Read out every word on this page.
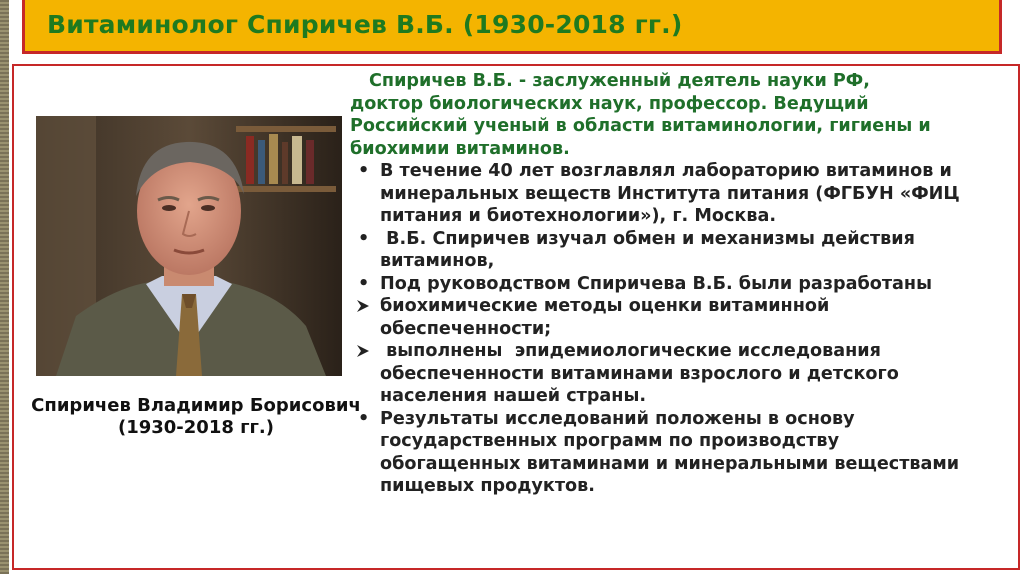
Витаминолог Спиричев В.Б. (1930-2018 гг.)
Спиричев Владимир Борисович
(1930-2018 гг.)
Спиричев В.Б. - заслуженный деятель науки РФ,
доктор биологических наук, профессор. Ведущий
Российский ученый в области витаминологии, гигиены и
биохимии витаминов.
• В течение 40 лет возглавлял лабораторию витаминов и
минеральных веществ Института питания (ФГБУН «ФИЦ
питания и биотехнологии»), г. Москва.
• В.Б. Спиричев изучал обмен и механизмы действия
витаминов,
• Под руководством Спиричева В.Б. были разработаны
биохимические методы оценки витаминной
обеспеченности;
выполнены  эпидемиологические исследования
обеспеченности витаминами взрослого и детского
населения нашей страны.
• Результаты исследований положены в основу
государственных программ по производству
обогащенных витаминами и минеральными веществами
пищевых продуктов.
